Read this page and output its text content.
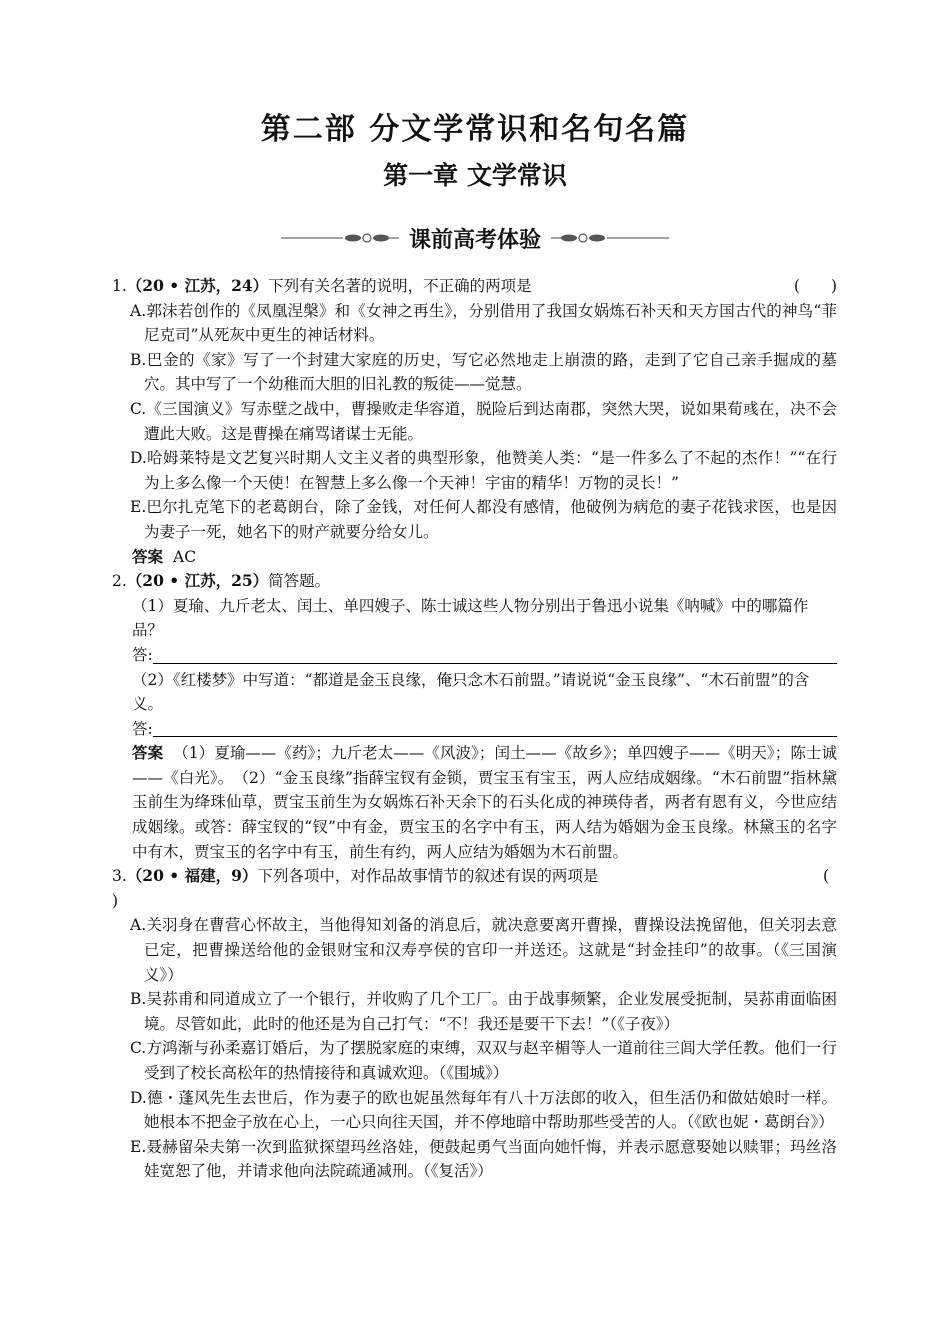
第二部 分文学常识和名句名篇
第一章 文学常识
课前高考体验
1. （20 • 江苏，24）下列有关名著的说明，不正确的两项是	(　　)
A.郭沫若创作的《凤凰涅槃》和《女神之再生》，分别借用了我国女娲炼石补天和天方国古代的神鸟“菲尼克司”从死灰中更生的神话材料。
B.巴金的《家》写了一个封建大家庭的历史，写它必然地走上崩溃的路，走到了它自己亲手掘成的墓穴。其中写了一个幼稚而大胆的旧礼教的叛徒——觉慧。
C.《三国演义》写赤壁之战中，曹操败走华容道，脱险后到达南郡，突然大哭，说如果荀彧在，决不会遭此大败。这是曹操在痛骂诸谋士无能。
D.哈姆莱特是文艺复兴时期人文主义者的典型形象，他赞美人类：“是一件多么了不起的杰作！”“在行为上多么像一个天使！在智慧上多么像一个天神！宇宙的精华！万物的灵长！”
E.巴尔扎克笔下的老葛朗台，除了金钱，对任何人都没有感情，他破例为病危的妻子花钱求医，也是因为妻子一死，她名下的财产就要分给女儿。
答案 AC
2. （20 • 江苏，25）简答题。
（1）夏瑜、九斤老太、闰土、单四嫂子、陈士诚这些人物分别出于鲁迅小说集《呐喊》中的哪篇作品？
答:
（2）《红楼梦》中写道：“都道是金玉良缘，俺只念木石前盟。”请说说“金玉良缘”、“木石前盟”的含义。
答:
答案 （1）夏瑜——《药》；九斤老太——《风波》；闰土——《故乡》；单四嫂子——《明天》；陈士诚——《白光》。　（2）“金玉良缘”指薛宝钗有金锁，贾宝玉有宝玉，两人应结成姻缘。“木石前盟”指林黛玉前生为绛珠仙草，贾宝玉前生为女娲炼石补天余下的石头化成的神瑛侍者，两者有恩有义，今世应结成姻缘。或答：薛宝钗的“钗”中有金，贾宝玉的名字中有玉，两人结为婚姻为金玉良缘。林黛玉的名字中有木，贾宝玉的名字中有玉，前生有约，两人应结为婚姻为木石前盟。
3. （20 • 福建，9）下列各项中，对作品故事情节的叙述有误的两项是	(
)
A.关羽身在曹营心怀故主，当他得知刘备的消息后，就决意要离开曹操，曹操设法挽留他，但关羽去意已定，把曹操送给他的金银财宝和汉寿亭侯的官印一并送还。这就是“封金挂印”的故事。（《三国演义》）
B.吴荪甫和同道成立了一个银行，并收购了几个工厂。由于战事频繁，企业发展受扼制，吴荪甫面临困境。尽管如此，此时的他还是为自己打气：“不！我还是要干下去！”（《子夜》）
C.方鸿渐与孙柔嘉订婚后，为了摆脱家庭的束缚，双双与赵辛楣等人一道前往三闾大学任教。他们一行受到了校长高松年的热情接待和真诚欢迎。（《围城》）
D.德・蓬风先生去世后，作为妻子的欧也妮虽然每年有八十万法郎的收入，但生活仍和做姑娘时一样。她根本不把金子放在心上，一心只向往天国，并不停地暗中帮助那些受苦的人。（《欧也妮・葛朗台》）
E.聂赫留朵夫第一次到监狱探望玛丝洛娃，便鼓起勇气当面向她忏悔，并表示愿意娶她以赎罪；玛丝洛娃宽恕了他，并请求他向法院疏通减刑。（《复活》）
